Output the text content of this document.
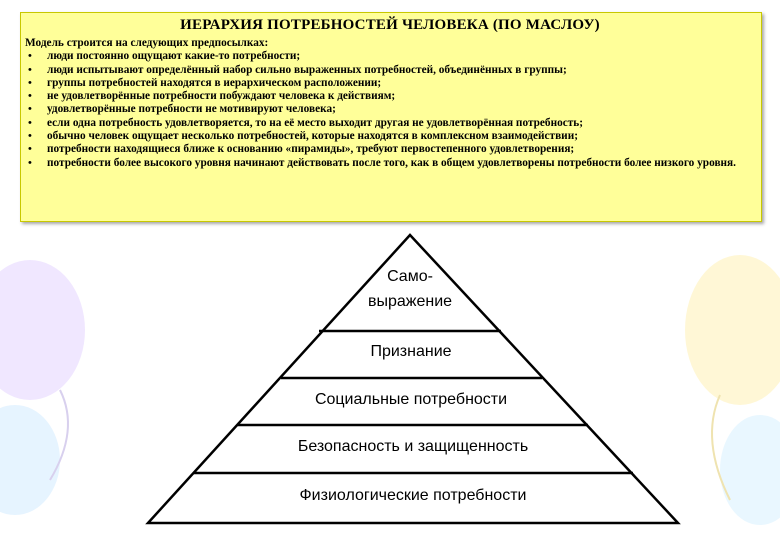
ИЕРАРХИЯ ПОТРЕБНОСТЕЙ ЧЕЛОВЕКА (ПО МАСЛОУ)
Модель строится на следующих предпосылках:
• люди постоянно ощущают какие-то потребности;
• люди испытывают определённый набор сильно выраженных потребностей, объединённых в группы;
• группы потребностей находятся в иерархическом расположении;
• не удовлетворённые потребности побуждают человека к действиям;
• удовлетворённые потребности не мотивируют человека;
• если одна потребность удовлетворяется, то на её место выходит другая не удовлетворённая потребность;
• обычно человек ощущает несколько потребностей, которые находятся в комплексном взаимодействии;
• потребности находящиеся ближе к основанию «пирамиды», требуют первостепенного удовлетворения;
• потребности более высокого уровня начинают действовать после того, как в общем удовлетворены потребности более низкого уровня.
Само-
выражение
Признание
Социальные потребности
Безопасность и защищенность
Физиологические потребности
